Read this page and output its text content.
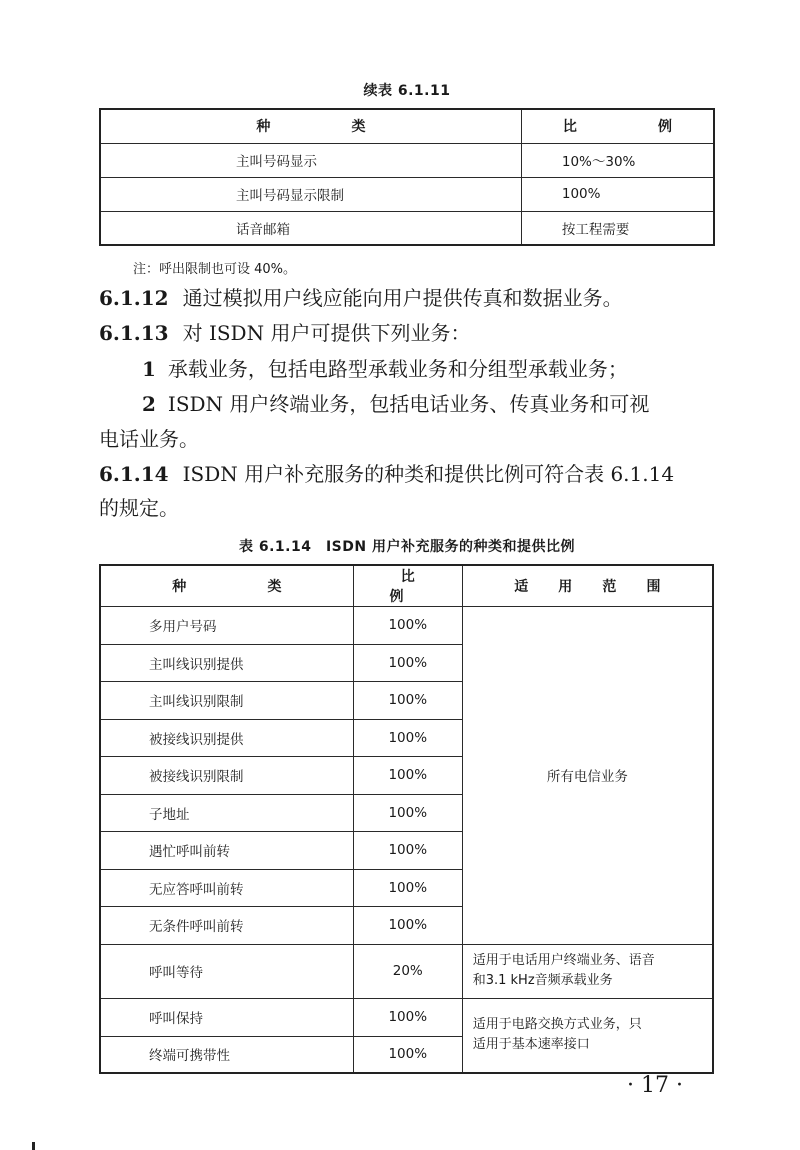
续表 6.1.11
种　类	比　例
主叫号码显示	10%～30%
主叫号码显示限制	100%
话音邮箱	按工程需要
注：呼出限制也可设 40%。
6.1.12 通过模拟用户线应能向用户提供传真和数据业务。
6.1.13 对 ISDN 用户可提供下列业务：
1 承载业务，包括电路型承载业务和分组型承载业务；
2 ISDN 用户终端业务，包括电话业务、传真业务和可视
电话业务。
6.1.14 ISDN 用户补充服务的种类和提供比例可符合表 6.1.14
的规定。
表 6.1.14　ISDN 用户补充服务的种类和提供比例
种　类	比　例	适 用 范 围
多用户号码	100%	所有电信业务
主叫线识别提供	100%	
主叫线识别限制	100%	
被接线识别提供	100%	
被接线识别限制	100%	
子地址	100%	
遇忙呼叫前转	100%	
无应答呼叫前转	100%	
无条件呼叫前转	100%	
呼叫等待	20%	适用于电话用户终端业务、语音
和3.1 kHz音频承载业务

呼叫保持	100%	适用于电路交换方式业务，只
适用于基本速率接口

终端可携带性	100%	
· 17 ·
